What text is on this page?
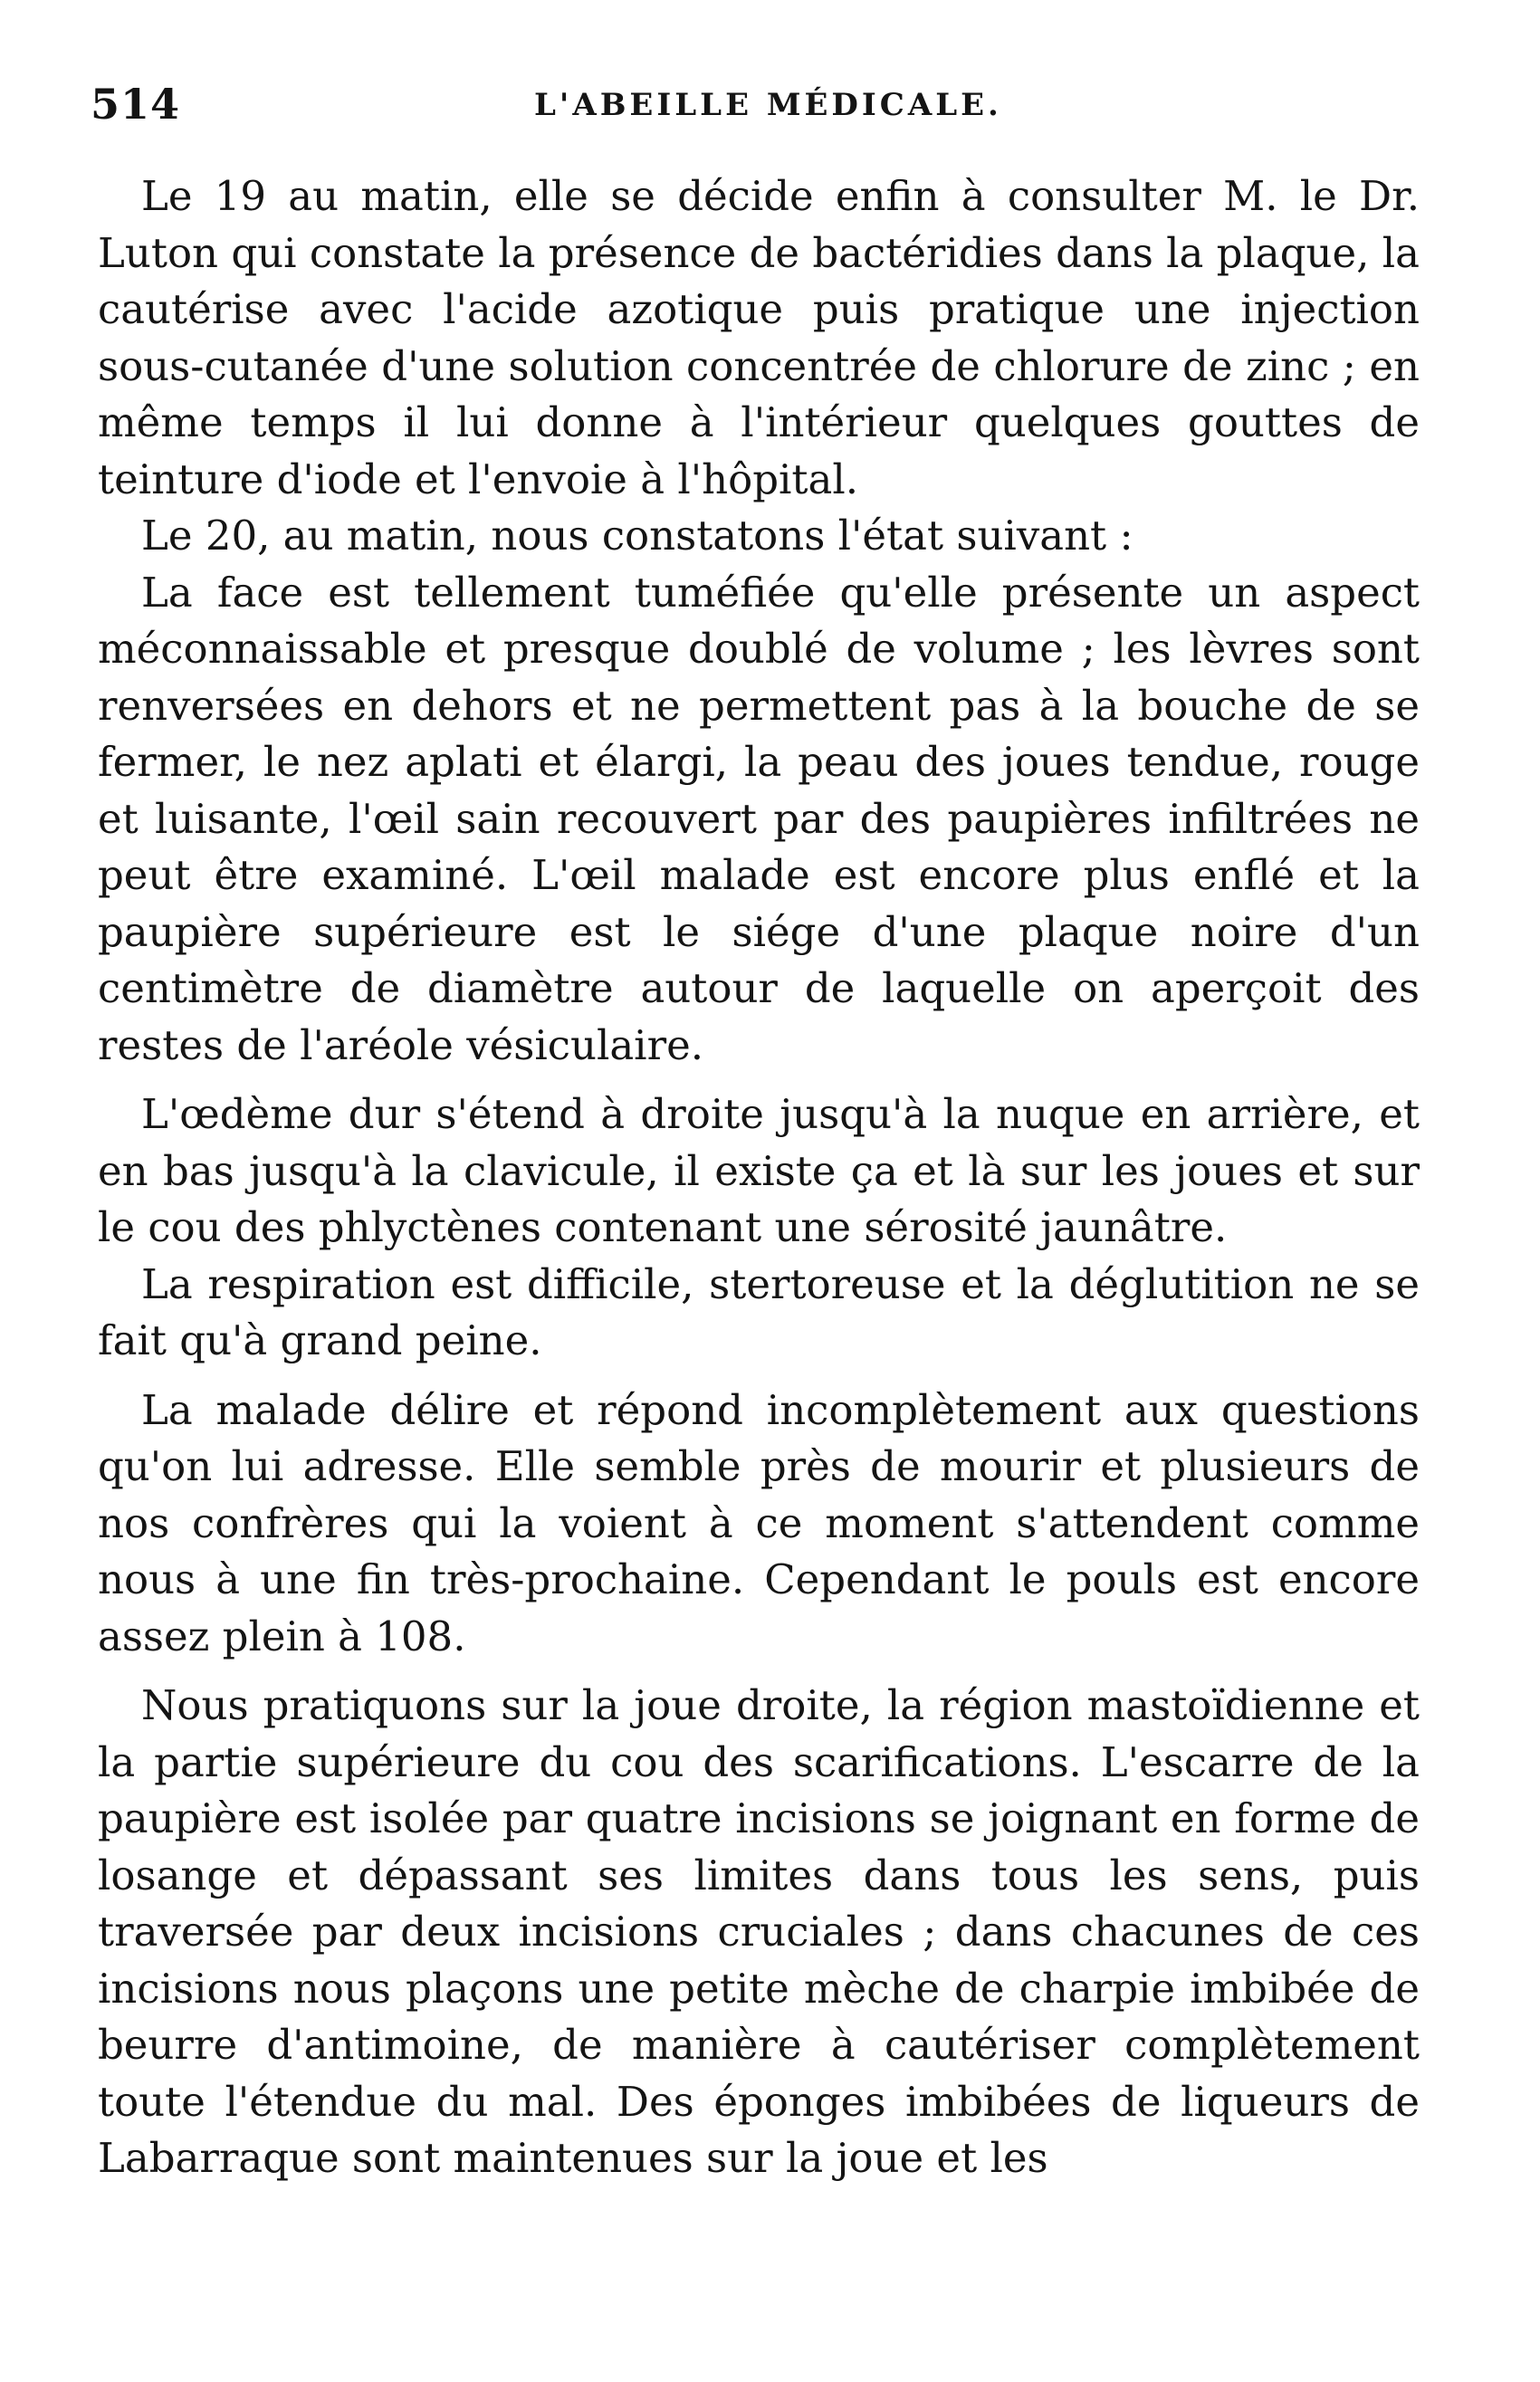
514	L'ABEILLE MÉDICALE.

Le 19 au matin, elle se décide enfin à consulter M. le Dr. Luton qui constate la présence de bactéridies dans la plaque, la cautérise avec l'acide azotique puis pratique une injection sous-cutanée d'une solution concentrée de chlorure de zinc ; en même temps il lui donne à l'intérieur quelques gouttes de teinture d'iode et l'envoie à l'hôpital.

Le 20, au matin, nous constatons l'état suivant :

La face est tellement tuméfiée qu'elle présente un aspect méconnaissable et presque doublé de volume ; les lèvres sont renversées en dehors et ne permettent pas à la bouche de se fermer, le nez aplati et élargi, la peau des joues tendue, rouge et luisante, l'œil sain recouvert par des paupières infiltrées ne peut être examiné. L'œil malade est encore plus enflé et la paupière supérieure est le siége d'une plaque noire d'un centimètre de diamètre autour de laquelle on aperçoit des restes de l'aréole vésiculaire.

L'œdème dur s'étend à droite jusqu'à la nuque en arrière, et en bas jusqu'à la clavicule, il existe ça et là sur les joues et sur le cou des phlyctènes contenant une sérosité jaunâtre.

La respiration est difficile, stertoreuse et la déglutition ne se fait qu'à grand peine.

La malade délire et répond incomplètement aux questions qu'on lui adresse. Elle semble près de mourir et plusieurs de nos confrères qui la voient à ce moment s'attendent comme nous à une fin très-prochaine. Cependant le pouls est encore assez plein à 108.

Nous pratiquons sur la joue droite, la région mastoïdienne et la partie supérieure du cou des scarifications. L'escarre de la paupière est isolée par quatre incisions se joignant en forme de losange et dépassant ses limites dans tous les sens, puis traversée par deux incisions cruciales ; dans chacunes de ces incisions nous plaçons une petite mèche de charpie imbibée de beurre d'antimoine, de manière à cautériser complètement toute l'étendue du mal. Des éponges imbibées de liqueurs de Labarraque sont maintenues sur la joue et les
